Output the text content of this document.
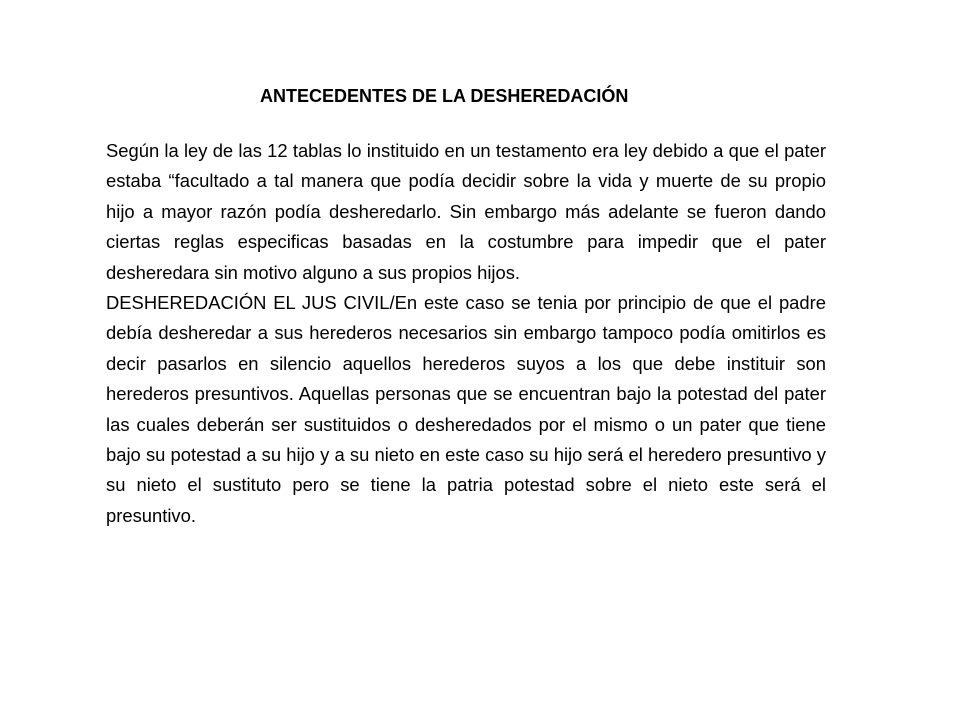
ANTECEDENTES DE LA DESHEREDACIÓN

Según la ley de las 12 tablas lo instituido en un testamento era ley debido a que el pater estaba “facultado a tal manera que podía decidir sobre la vida y muerte de su propio hijo a mayor razón podía desheredarlo. Sin embargo más adelante se fueron dando ciertas reglas especificas basadas en la costumbre para impedir que el pater desheredara sin motivo alguno a sus propios hijos.

DESHEREDACIÓN EL JUS CIVIL/En este caso se tenia por principio de que el padre debía desheredar a sus herederos necesarios sin embargo tampoco podía omitirlos es decir pasarlos en silencio aquellos herederos suyos a los que debe instituir son herederos presuntivos. Aquellas personas que se encuentran bajo la potestad del pater las cuales deberán ser sustituidos o desheredados por el mismo o un pater que tiene bajo su potestad a su hijo y a su nieto en este caso su hijo será el heredero presuntivo y su nieto el sustituto pero se tiene la patria potestad sobre el nieto este será el presuntivo.
